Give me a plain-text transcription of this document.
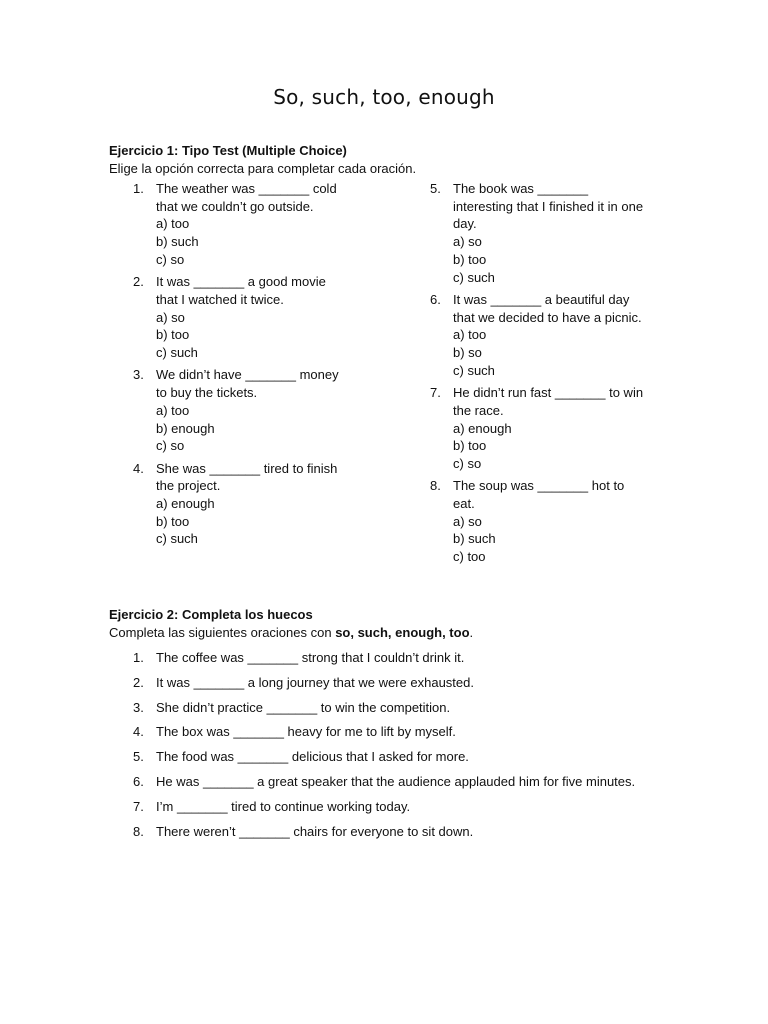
So, such, too, enough
Ejercicio 1: Tipo Test (Multiple Choice)
Elige la opción correcta para completar cada oración.
1. The weather was _______ cold that we couldn’t go outside.
a) too
b) such
c) so
2. It was _______ a good movie that I watched it twice.
a) so
b) too
c) such
3. We didn’t have _______ money to buy the tickets.
a) too
b) enough
c) so
4. She was _______ tired to finish the project.
a) enough
b) too
c) such
5. The book was _______ interesting that I finished it in one day.
a) so
b) too
c) such
6. It was _______ a beautiful day that we decided to have a picnic.
a) too
b) so
c) such
7. He didn’t run fast _______ to win the race.
a) enough
b) too
c) so
8. The soup was _______ hot to eat.
a) so
b) such
c) too
Ejercicio 2: Completa los huecos
Completa las siguientes oraciones con so, such, enough, too.
1. The coffee was _______ strong that I couldn’t drink it.
2. It was _______ a long journey that we were exhausted.
3. She didn’t practice _______ to win the competition.
4. The box was _______ heavy for me to lift by myself.
5. The food was _______ delicious that I asked for more.
6. He was _______ a great speaker that the audience applauded him for five minutes.
7. I’m _______ tired to continue working today.
8. There weren’t _______ chairs for everyone to sit down.
